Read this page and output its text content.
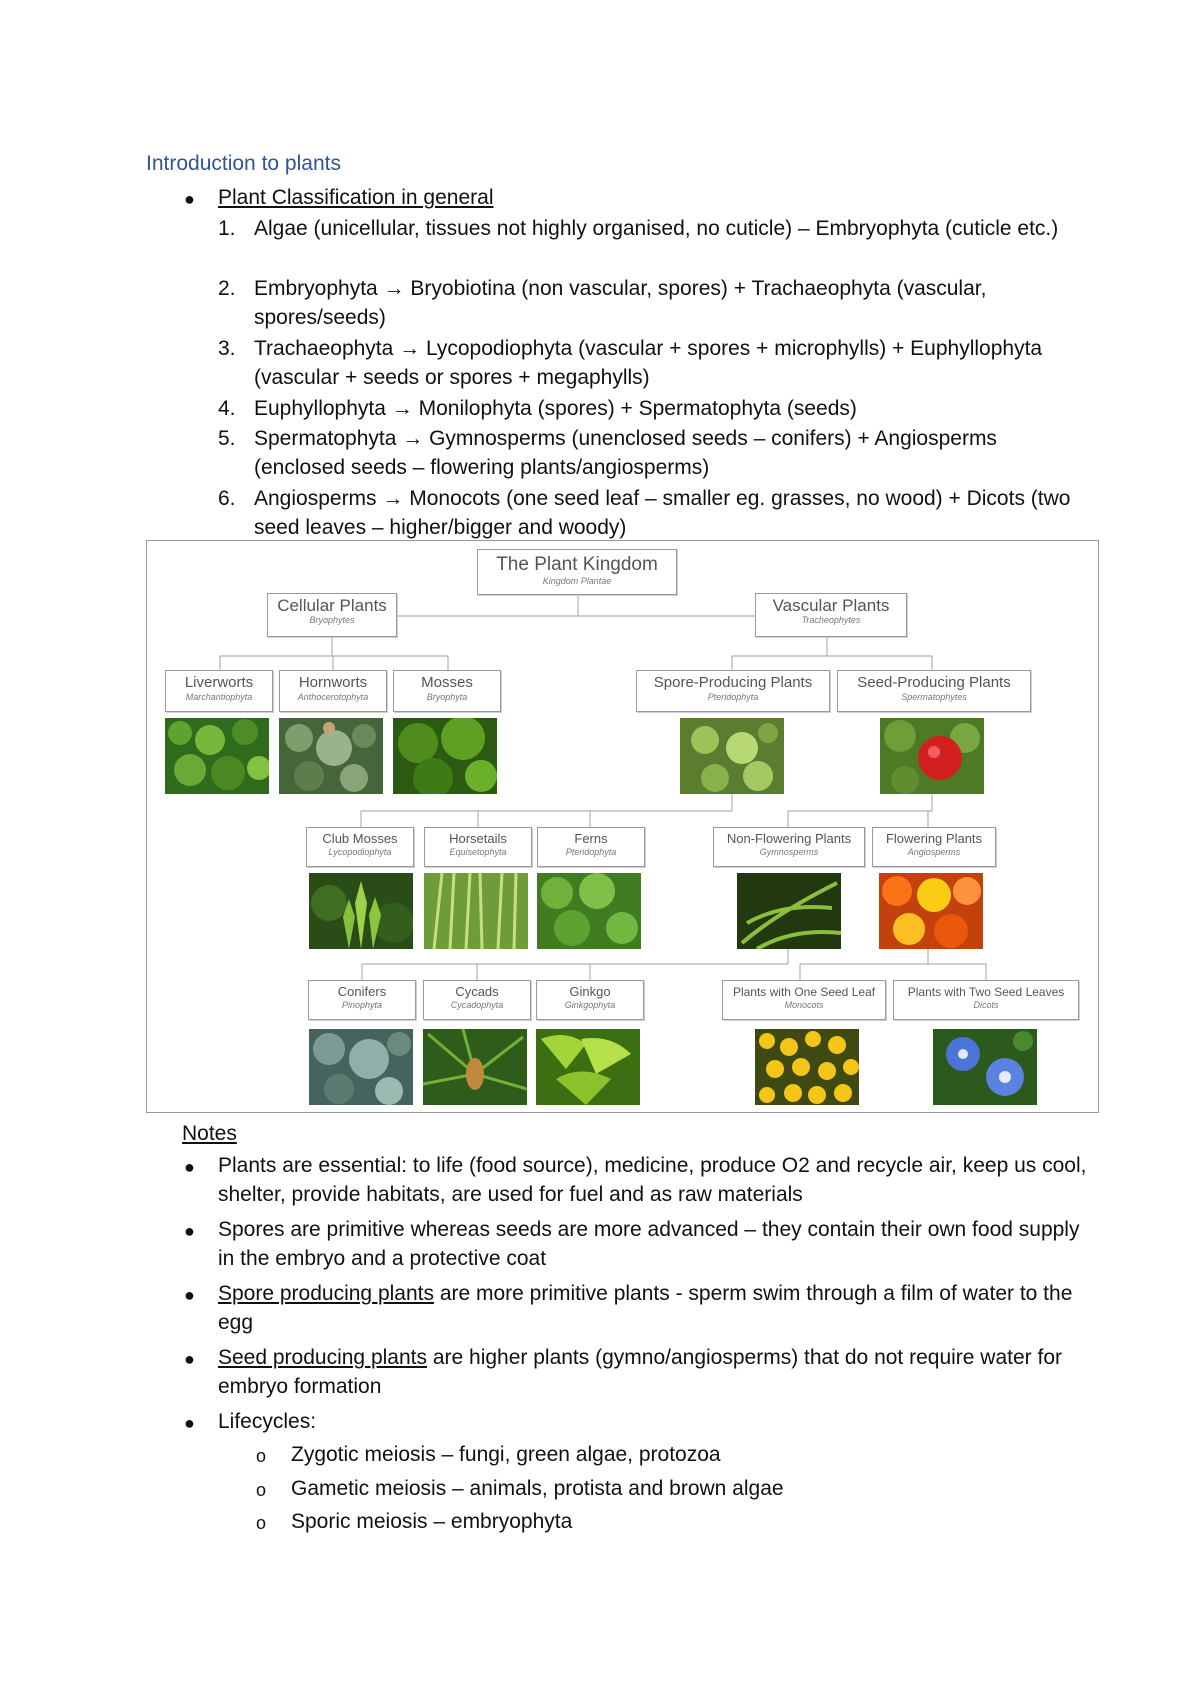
Introduction to plants
● Plant Classification in general
1. Algae (unicellular, tissues not highly organised, no cuticle) – Embryophyta (cuticle etc.)
2. Embryophyta → Bryobiotina (non vascular, spores) + Trachaeophyta (vascular, spores/seeds)
3. Trachaeophyta → Lycopodiophyta (vascular + spores + microphylls) + Euphyllophyta (vascular + seeds or spores + megaphylls)
4. Euphyllophyta → Monilophyta (spores) + Spermatophyta (seeds)
5. Spermatophyta → Gymnosperms (unenclosed seeds – conifers) + Angiosperms (enclosed seeds – flowering plants/angiosperms)
6. Angiosperms → Monocots (one seed leaf – smaller eg. grasses, no wood) + Dicots (two seed leaves – higher/bigger and woody)
The Plant Kingdom
Kingdom Plantae
Cellular Plants
Bryophytes
Vascular Plants
Tracheophytes
Liverworts
Marchantiophyta
Hornworts
Anthocerotophyta
Mosses
Bryophyta
Spore-Producing Plants
Pteridophyta
Seed-Producing Plants
Spermatophytes
Club Mosses
Lycopodiophyta
Horsetails
Equisetophyta
Ferns
Pteridophyta
Non-Flowering Plants
Gymnosperms
Flowering Plants
Angiosperms
Conifers
Pinophyta
Cycads
Cycadophyta
Ginkgo
Ginkgophyta
Plants with One Seed Leaf
Monocots
Plants with Two Seed Leaves
Dicots
Notes
● Plants are essential: to life (food source), medicine, produce O2 and recycle air, keep us cool, shelter, provide habitats, are used for fuel and as raw materials
● Spores are primitive whereas seeds are more advanced – they contain their own food supply in the embryo and a protective coat
● Spore producing plants are more primitive plants - sperm swim through a film of water to the egg
● Seed producing plants are higher plants (gymno/angiosperms) that do not require water for embryo formation
● Lifecycles:
o Zygotic meiosis – fungi, green algae, protozoa
o Gametic meiosis – animals, protista and brown algae
o Sporic meiosis – embryophyta
